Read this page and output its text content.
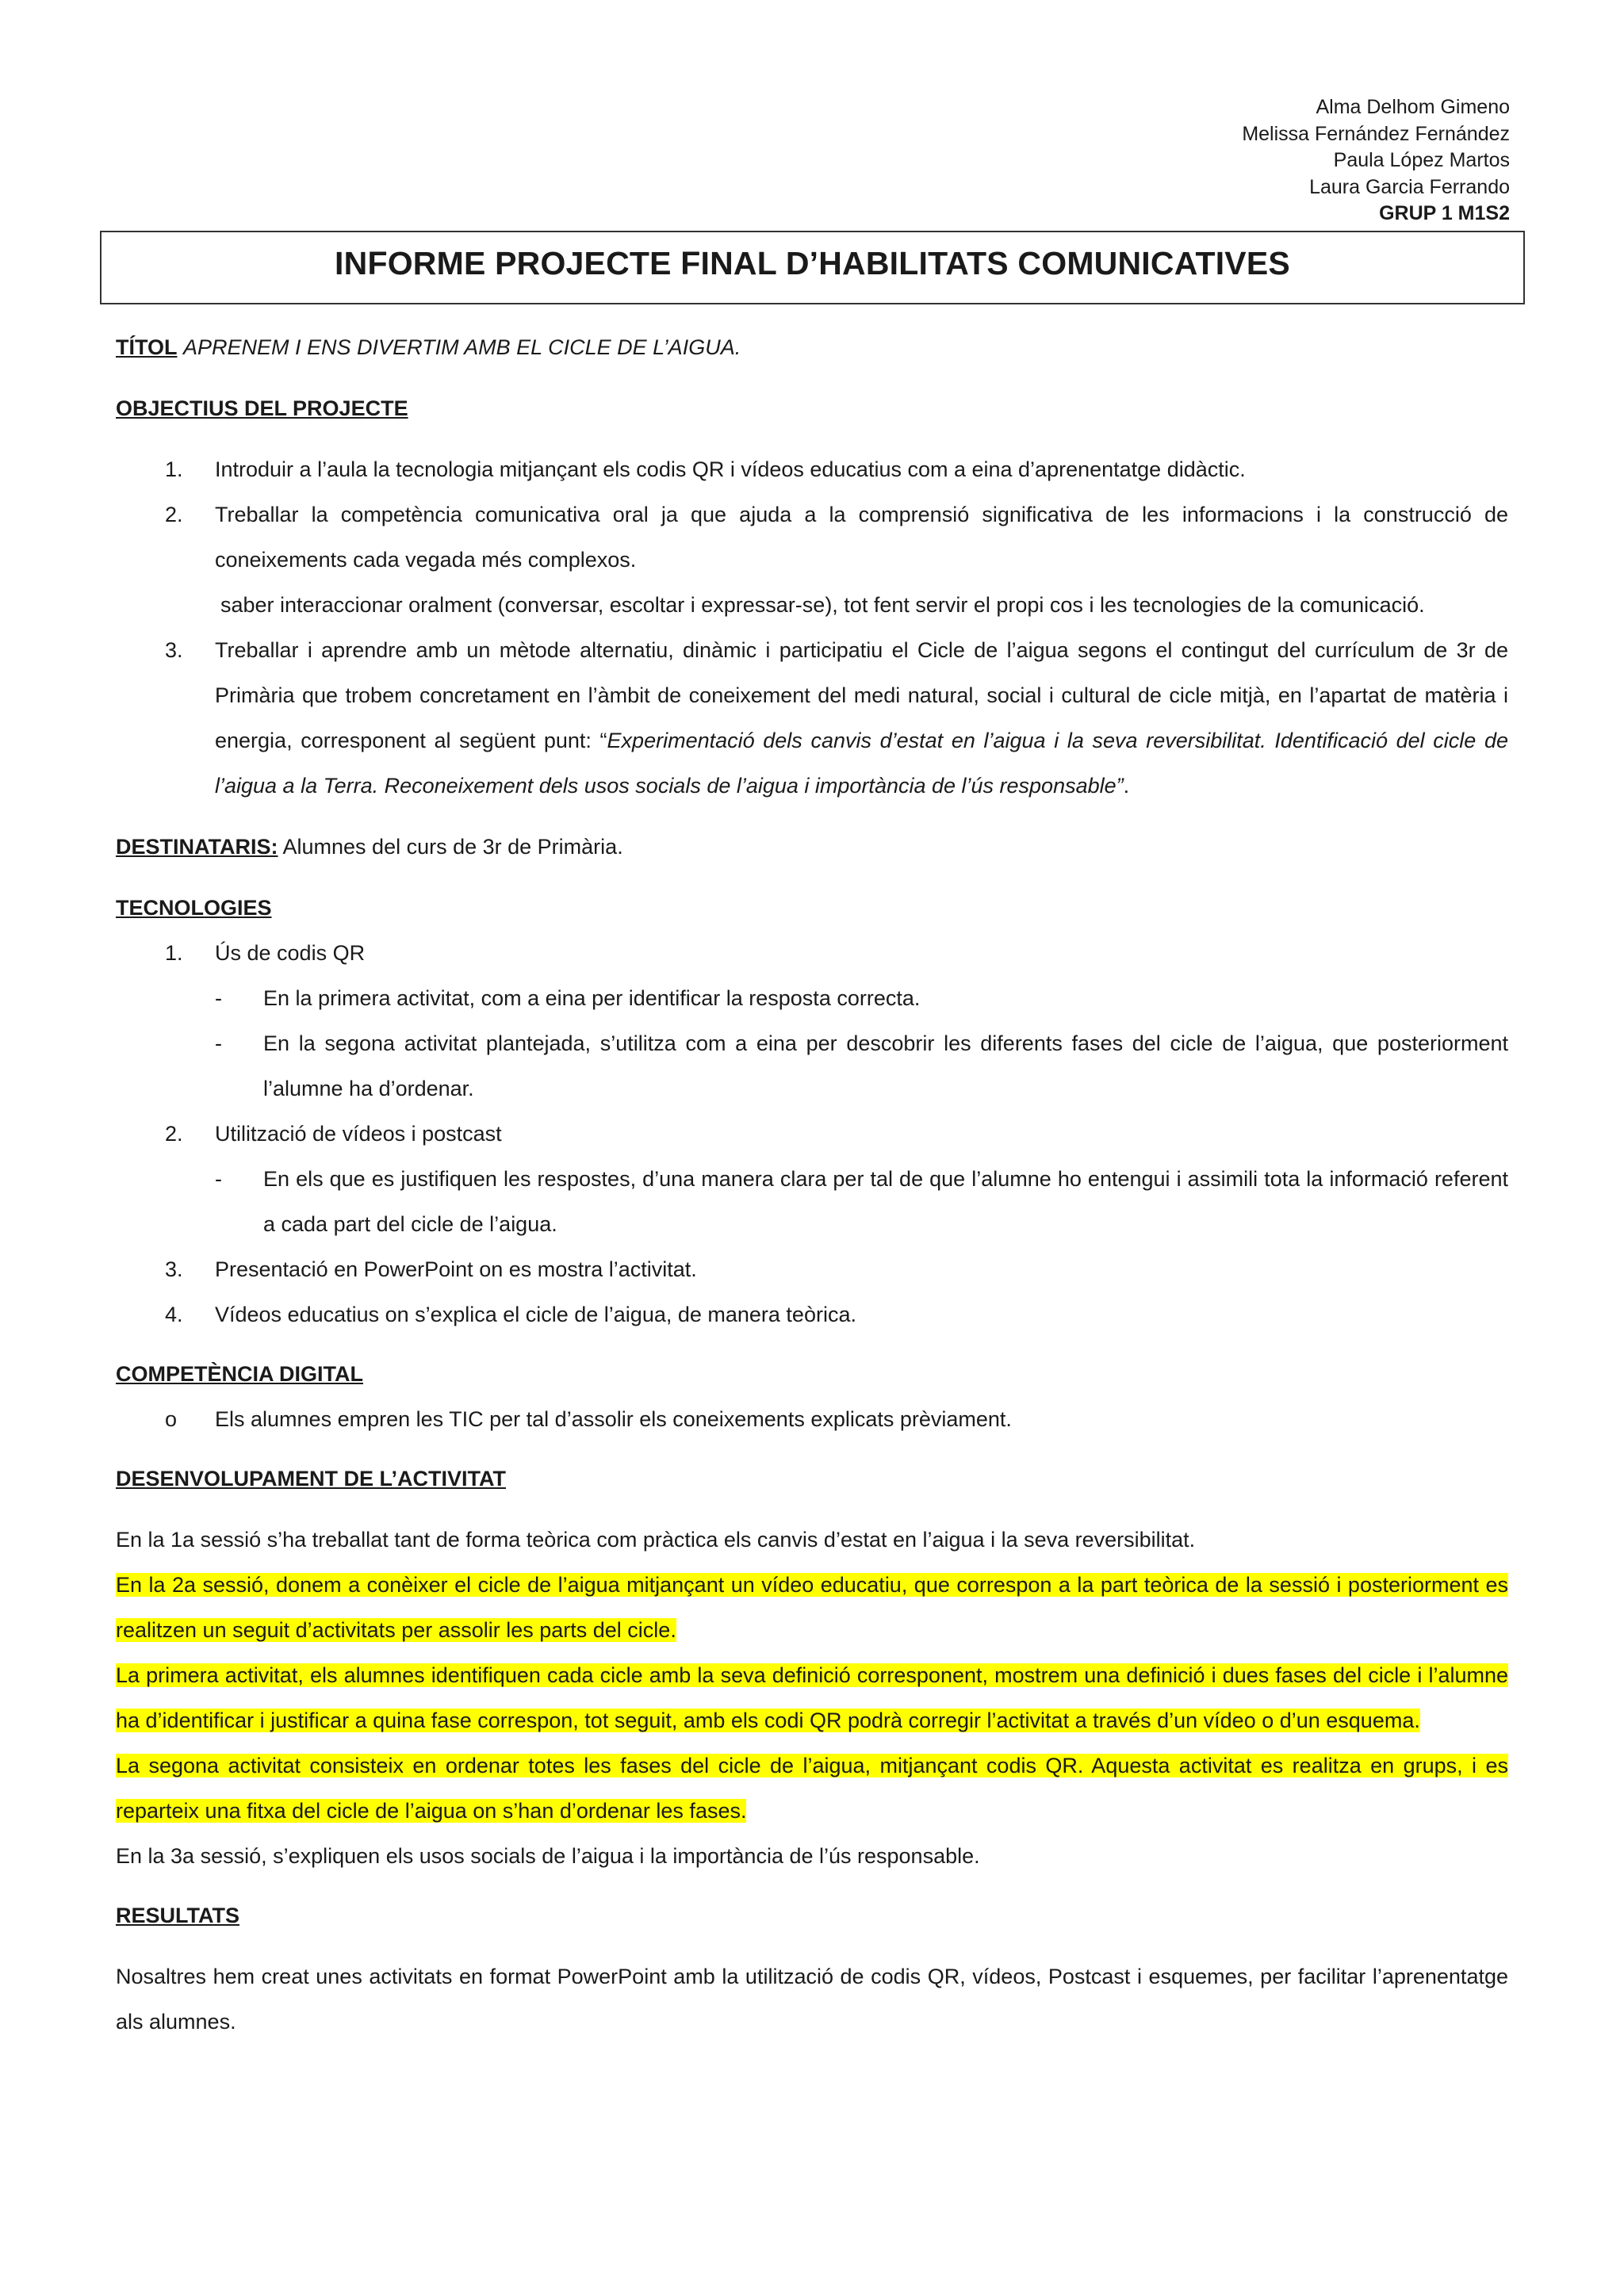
Alma Delhom Gimeno
Melissa Fernández Fernández
Paula López Martos
Laura Garcia Ferrando
GRUP 1 M1S2
INFORME PROJECTE FINAL D’HABILITATS COMUNICATIVES
TÍTOL APRENEM I ENS DIVERTIM AMB EL CICLE DE L’AIGUA.
OBJECTIUS DEL PROJECTE
1. Introduir a l’aula la tecnologia mitjançant els codis QR i vídeos educatius com a eina d’aprenentatge didàctic.
2. Treballar la competència comunicativa oral ja que ajuda a la comprensió significativa de les informacions i la construcció de coneixements cada vegada més complexos.
saber interaccionar oralment (conversar, escoltar i expressar-se), tot fent servir el propi cos i les tecnologies de la comunicació.
3. Treballar i aprendre amb un mètode alternatiu, dinàmic i participatiu el Cicle de l’aigua segons el contingut del currículum de 3r de Primària que trobem concretament en l’àmbit de coneixement del medi natural, social i cultural de cicle mitjà, en l’apartat de matèria i energia, corresponent al següent punt: “Experimentació dels canvis d’estat en l’aigua i la seva reversibilitat. Identificació del cicle de l’aigua a la Terra. Reconeixement dels usos socials de l’aigua i importància de l’ús responsable”.
DESTINATARIS: Alumnes del curs de 3r de Primària.
TECNOLOGIES
1. Ús de codis QR
- En la primera activitat, com a eina per identificar la resposta correcta.
- En la segona activitat plantejada, s’utilitza com a eina per descobrir les diferents fases del cicle de l’aigua, que posteriorment l’alumne ha d’ordenar.
2. Utilització de vídeos i postcast
- En els que es justifiquen les respostes, d’una manera clara per tal de que l’alumne ho entengui i assimili tota la informació referent a cada part del cicle de l’aigua.
3. Presentació en PowerPoint on es mostra l’activitat.
4. Vídeos educatius on s’explica el cicle de l’aigua, de manera teòrica.
COMPETÈNCIA DIGITAL
o Els alumnes empren les TIC per tal d’assolir els coneixements explicats prèviament.
DESENVOLUPAMENT DE L’ACTIVITAT
En la 1a sessió s’ha treballat tant de forma teòrica com pràctica els canvis d’estat en l’aigua i la seva reversibilitat.
En la 2a sessió, donem a conèixer el cicle de l’aigua mitjançant un vídeo educatiu, que correspon a la part teòrica de la sessió i posteriorment es realitzen un seguit d’activitats per assolir les parts del cicle.
La primera activitat, els alumnes identifiquen cada cicle amb la seva definició corresponent, mostrem una definició i dues fases del cicle i l’alumne ha d’identificar i justificar a quina fase correspon, tot seguit, amb els codi QR podrà corregir l’activitat a través d’un vídeo o d’un esquema.
La segona activitat consisteix en ordenar totes les fases del cicle de l’aigua, mitjançant codis QR. Aquesta activitat es realitza en grups, i es reparteix una fitxa del cicle de l’aigua on s’han d’ordenar les fases.
En la 3a sessió, s’expliquen els usos socials de l’aigua i la importància de l’ús responsable.
RESULTATS
Nosaltres hem creat unes activitats en format PowerPoint amb la utilització de codis QR, vídeos, Postcast i esquemes, per facilitar l’aprenentatge als alumnes.
